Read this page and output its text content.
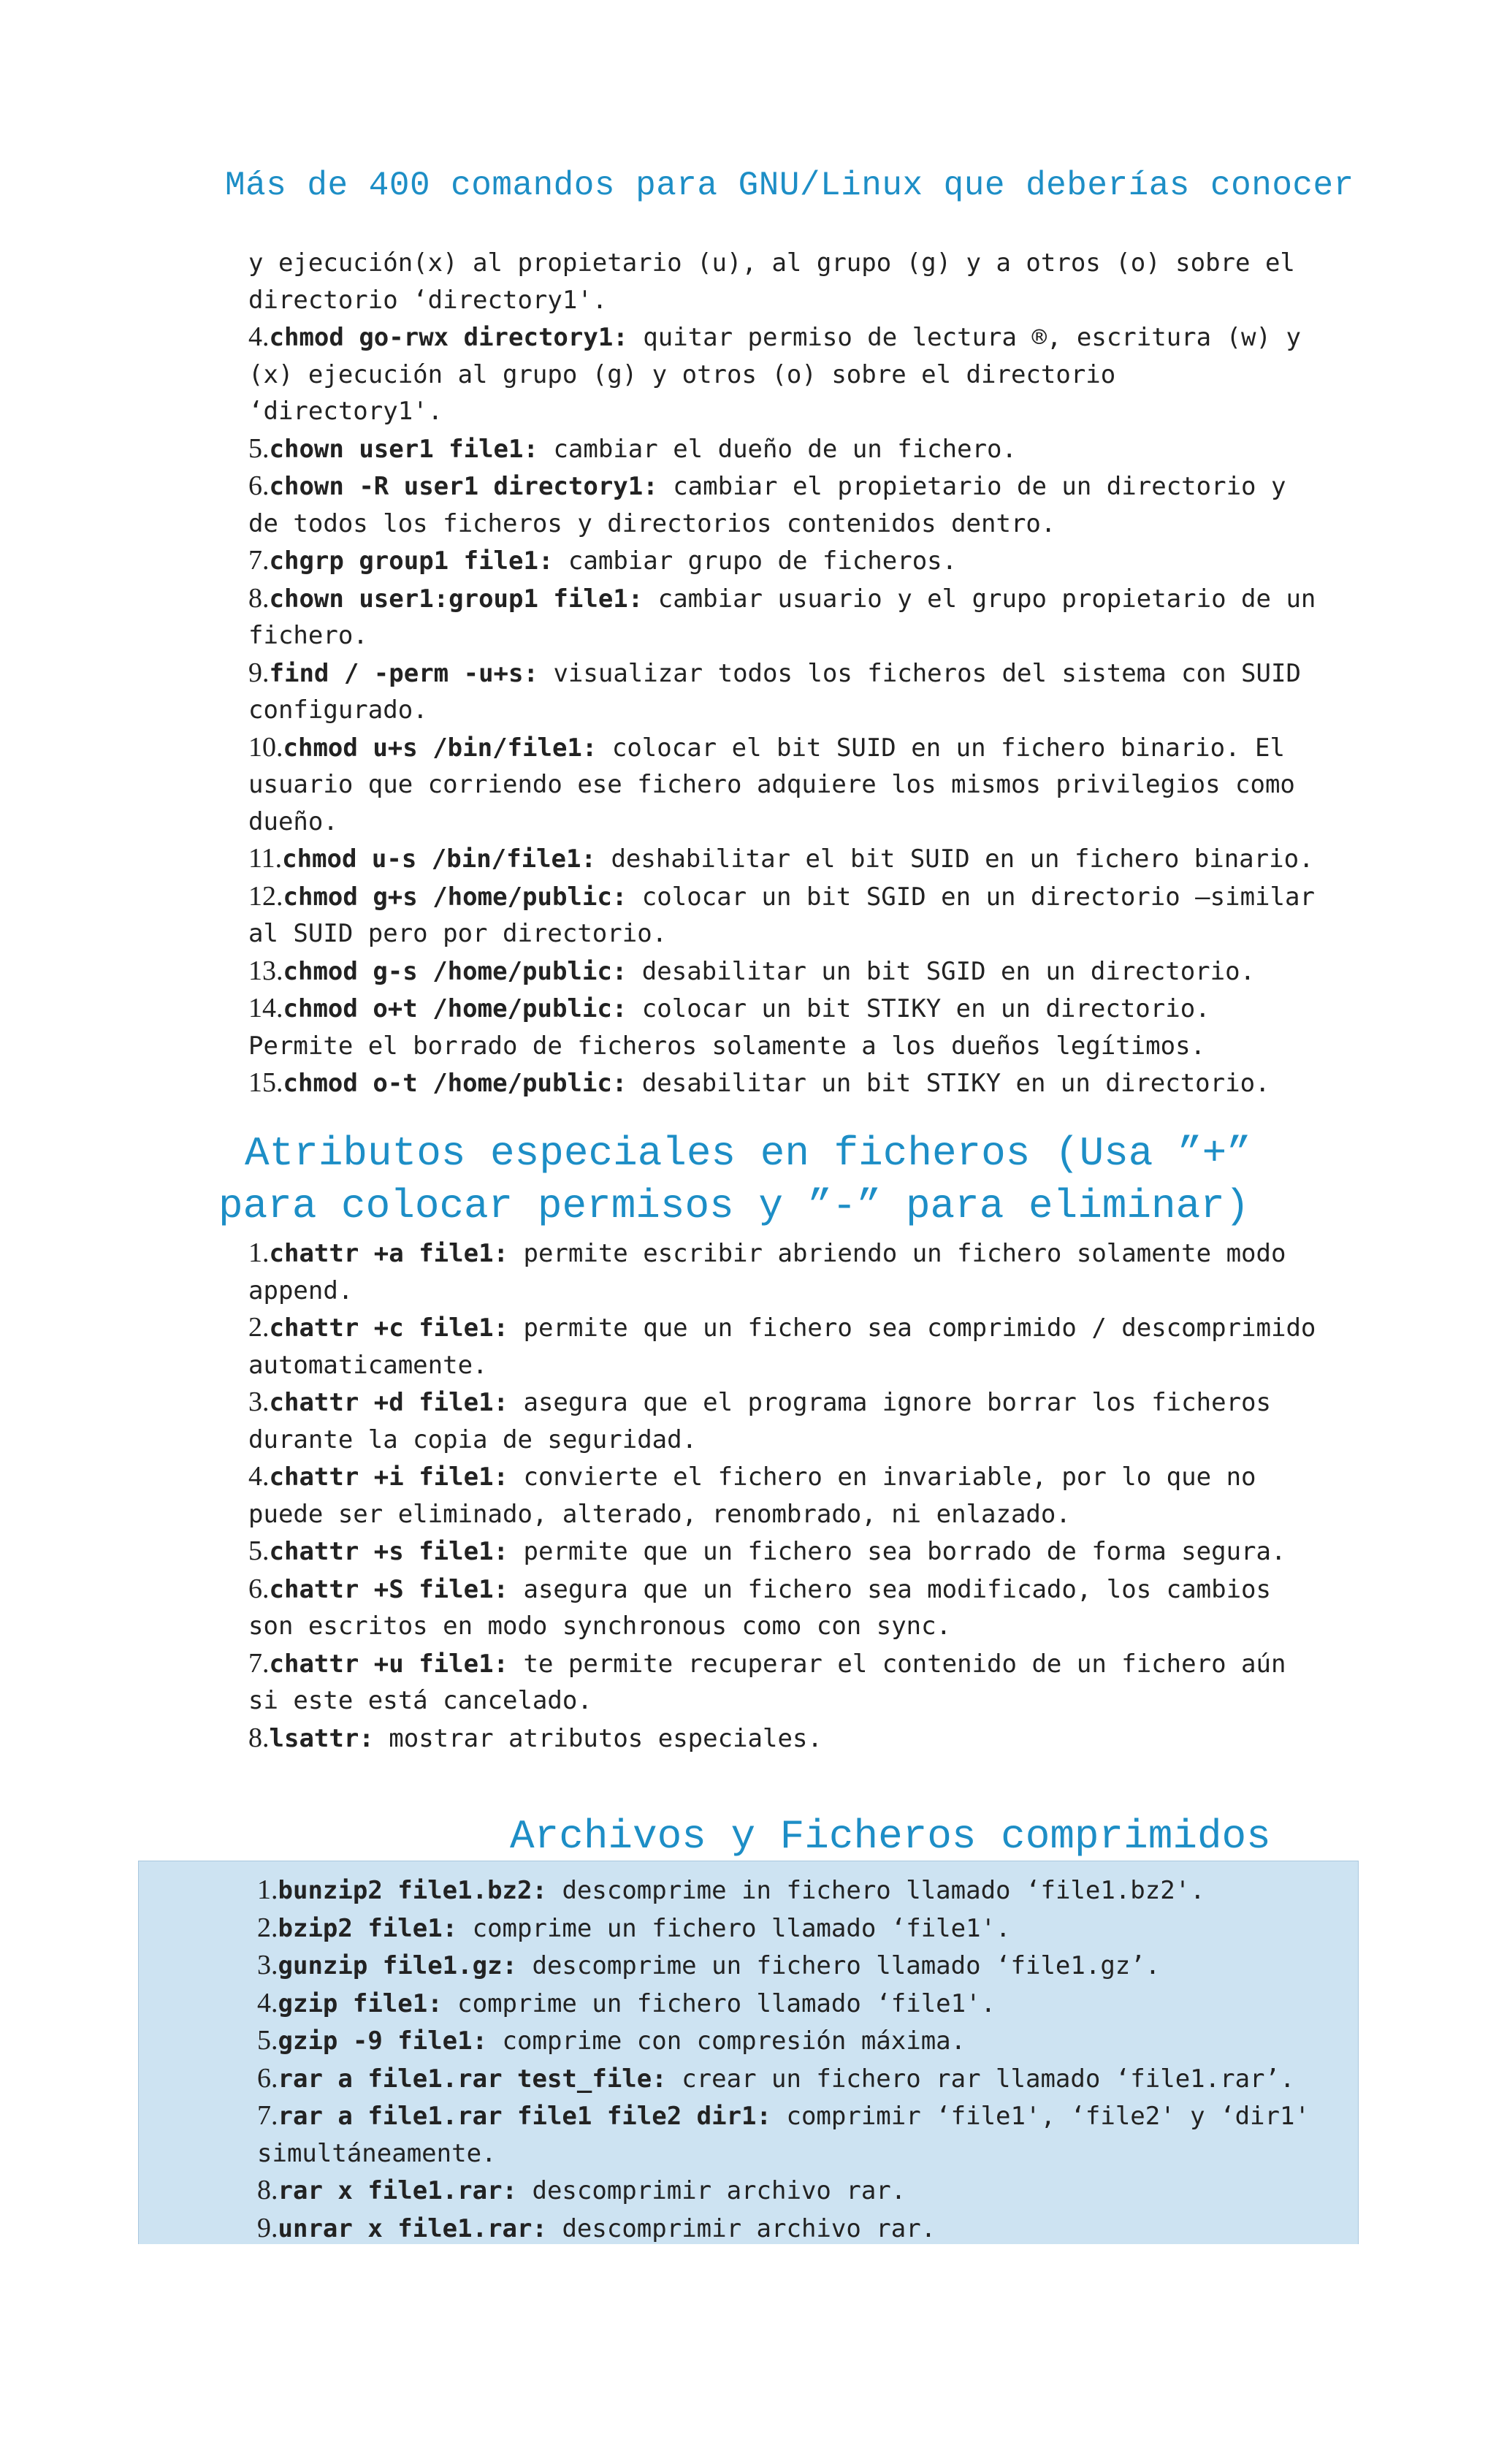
Más de 400 comandos para GNU/Linux que deberías conocer
y ejecución(x) al propietario (u), al grupo (g) y a otros (o) sobre el
directorio ‘directory1'.
4.chmod go-rwx directory1: quitar permiso de lectura ®, escritura (w) y
(x) ejecución al grupo (g) y otros (o) sobre el directorio
‘directory1'.
5.chown user1 file1: cambiar el dueño de un fichero.
6.chown -R user1 directory1: cambiar el propietario de un directorio y
de todos los ficheros y directorios contenidos dentro.
7.chgrp group1 file1: cambiar grupo de ficheros.
8.chown user1:group1 file1: cambiar usuario y el grupo propietario de un
fichero.
9.find / -perm -u+s: visualizar todos los ficheros del sistema con SUID
configurado.
10.chmod u+s /bin/file1: colocar el bit SUID en un fichero binario. El
usuario que corriendo ese fichero adquiere los mismos privilegios como
dueño.
11.chmod u-s /bin/file1: deshabilitar el bit SUID en un fichero binario.
12.chmod g+s /home/public: colocar un bit SGID en un directorio –similar
al SUID pero por directorio.
13.chmod g-s /home/public: desabilitar un bit SGID en un directorio.
14.chmod o+t /home/public: colocar un bit STIKY en un directorio.
Permite el borrado de ficheros solamente a los dueños legítimos.
15.chmod o-t /home/public: desabilitar un bit STIKY en un directorio.
Atributos especiales en ficheros (Usa ”+”
para colocar permisos y ”-” para eliminar)
1.chattr +a file1: permite escribir abriendo un fichero solamente modo
append.
2.chattr +c file1: permite que un fichero sea comprimido / descomprimido
automaticamente.
3.chattr +d file1: asegura que el programa ignore borrar los ficheros
durante la copia de seguridad.
4.chattr +i file1: convierte el fichero en invariable, por lo que no
puede ser eliminado, alterado, renombrado, ni enlazado.
5.chattr +s file1: permite que un fichero sea borrado de forma segura.
6.chattr +S file1: asegura que un fichero sea modificado, los cambios
son escritos en modo synchronous como con sync.
7.chattr +u file1: te permite recuperar el contenido de un fichero aún
si este está cancelado.
8.lsattr: mostrar atributos especiales.
Archivos y Ficheros comprimidos
1.bunzip2 file1.bz2: descomprime in fichero llamado ‘file1.bz2'.
2.bzip2 file1: comprime un fichero llamado ‘file1'.
3.gunzip file1.gz: descomprime un fichero llamado ‘file1.gz’.
4.gzip file1: comprime un fichero llamado ‘file1'.
5.gzip -9 file1: comprime con compresión máxima.
6.rar a file1.rar test_file: crear un fichero rar llamado ‘file1.rar’.
7.rar a file1.rar file1 file2 dir1: comprimir ‘file1', ‘file2' y ‘dir1'
simultáneamente.
8.rar x file1.rar: descomprimir archivo rar.
9.unrar x file1.rar: descomprimir archivo rar.
